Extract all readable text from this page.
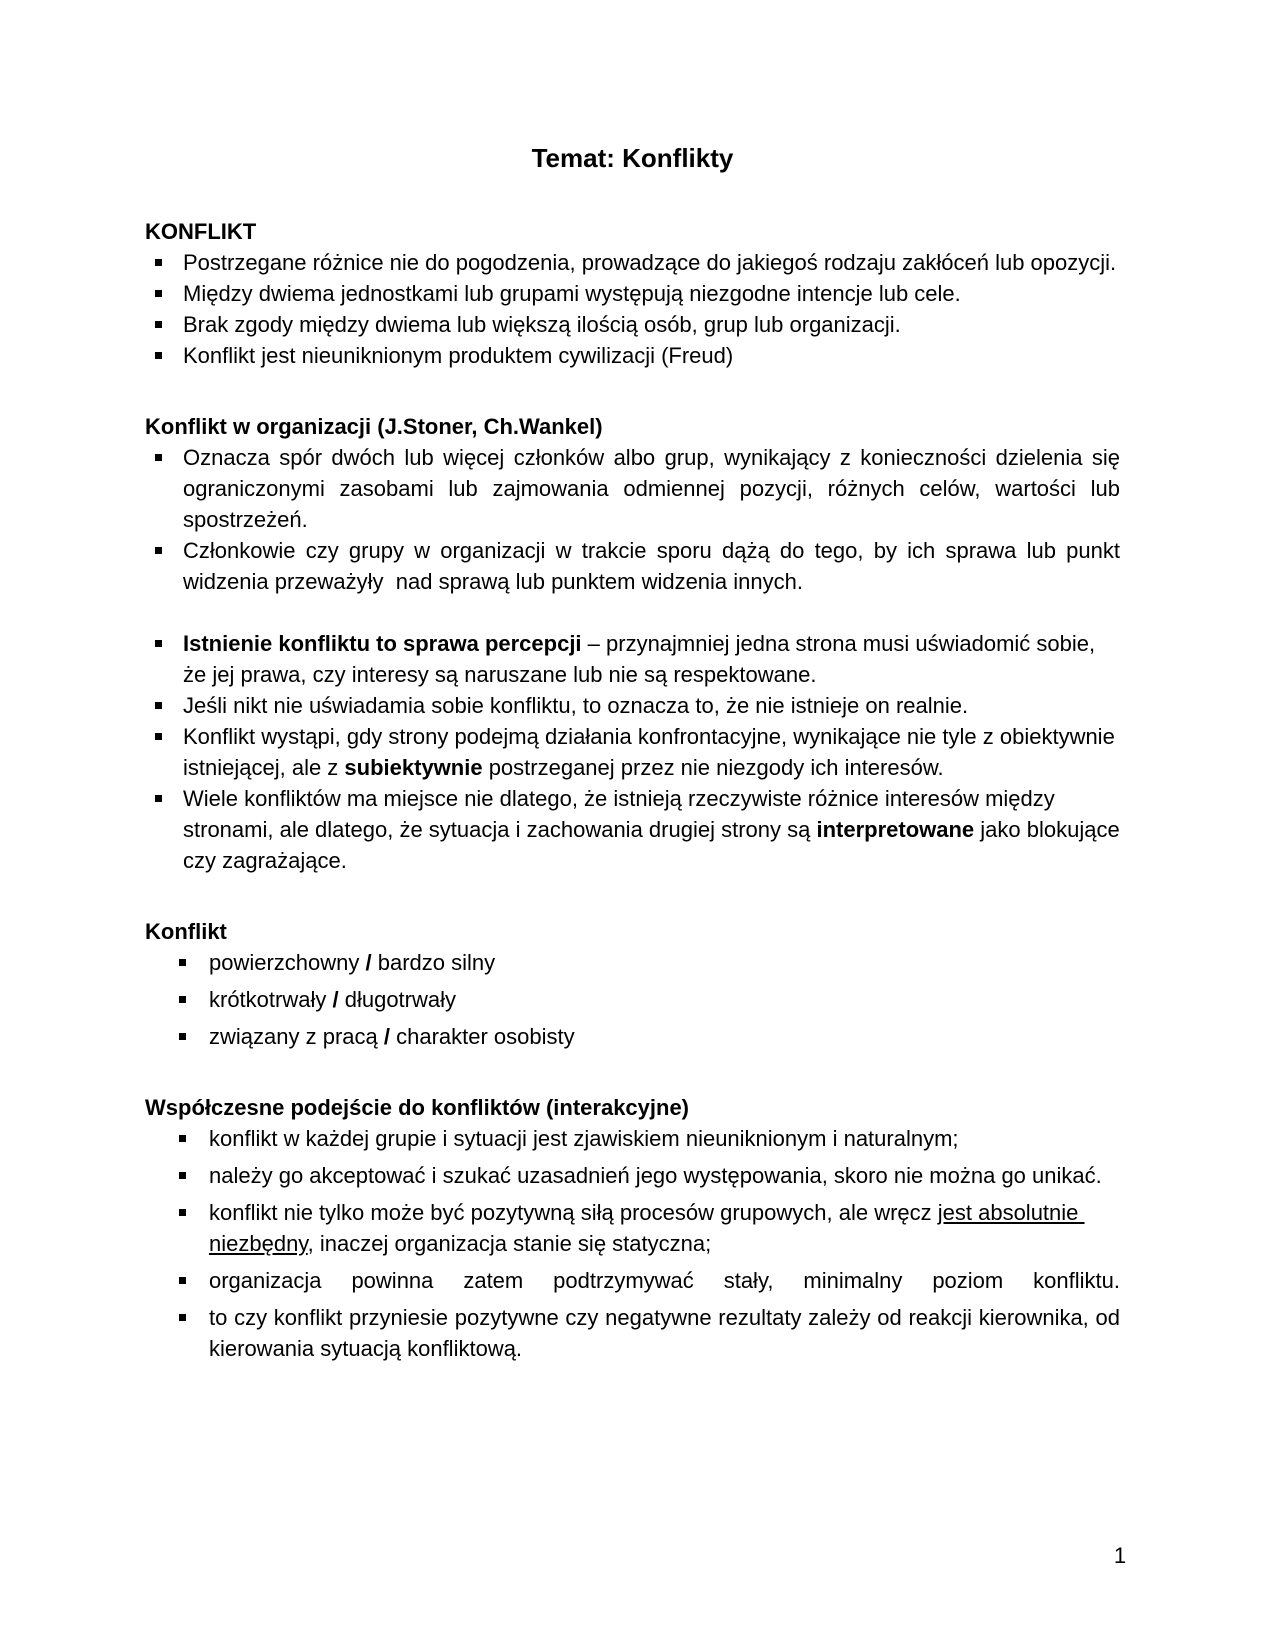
Temat: Konflikty

KONFLIKT

Postrzegane różnice nie do pogodzenia, prowadzące do jakiegoś rodzaju zakłóceń lub opozycji.
Między dwiema jednostkami lub grupami występują niezgodne intencje lub cele.
Brak zgody między dwiema lub większą ilością osób, grup lub organizacji.
Konflikt jest nieuniknionym produktem cywilizacji (Freud)

Konflikt w organizacji (J.Stoner, Ch.Wankel)

Oznacza spór dwóch lub więcej członków albo grup, wynikający z konieczności dzielenia się ograniczonymi zasobami lub zajmowania odmiennej pozycji, różnych celów, wartości lub spostrzeżeń.
Członkowie czy grupy w organizacji w trakcie sporu dążą do tego, by ich sprawa lub punkt widzenia przeważyły  nad sprawą lub punktem widzenia innych.
Istnienie konfliktu to sprawa percepcji – przynajmniej jedna strona musi uświadomić sobie, że jej prawa, czy interesy są naruszane lub nie są respektowane.
Jeśli nikt nie uświadamia sobie konfliktu, to oznacza to, że nie istnieje on realnie.
Konflikt wystąpi, gdy strony podejmą działania konfrontacyjne, wynikające nie tyle z obiektywnie istniejącej, ale z subiektywnie postrzeganej przez nie niezgody ich interesów.
Wiele konfliktów ma miejsce nie dlatego, że istnieją rzeczywiste różnice interesów między stronami, ale dlatego, że sytuacja i zachowania drugiej strony są interpretowane jako blokujące czy zagrażające.

Konflikt

powierzchowny / bardzo silny
krótkotrwały / długotrwały
związany z pracą / charakter osobisty

Współczesne podejście do konfliktów (interakcyjne)

konflikt w każdej grupie i sytuacji jest zjawiskiem nieuniknionym i naturalnym;
należy go akceptować i szukać uzasadnień jego występowania, skoro nie można go unikać.
konflikt nie tylko może być pozytywną siłą procesów grupowych, ale wręcz jest absolutnie niezbędny, inaczej organizacja stanie się statyczna;
organizacja powinna zatem podtrzymywać stały, minimalny poziom konfliktu.
to czy konflikt przyniesie pozytywne czy negatywne rezultaty zależy od reakcji kierownika, od kierowania sytuacją konfliktową.
1
